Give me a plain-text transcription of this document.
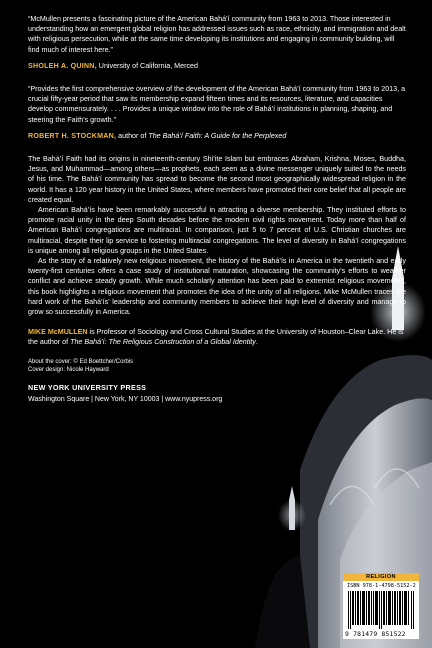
“McMullen presents a fascinating picture of the American Bahá’í community from 1963 to 2013. Those interested in understanding how an emergent global religion has addressed issues such as race, ethnicity, and immigration and dealt with religious persecution, while at the same time developing its institutions and engaging in community building, will find much of interest here.”

SHOLEH A. QUINN, University of California, Merced

“Provides the first comprehensive overview of the development of the American Bahá’í community from 1963 to 2013, a crucial fifty-year period that saw its membership expand fifteen times and its resources, literature, and capacities develop commensurately. . . . Provides a unique window into the role of Bahá’í institutions in planning, shaping, and steering the Faith’s growth.”

ROBERT H. STOCKMAN, author of The Bahá’í Faith: A Guide for the Perplexed

The Bahá’í Faith had its origins in nineteenth-century Shi’ite Islam but embraces Abraham, Krishna, Moses, Buddha, Jesus, and Muhammad—among others—as prophets, each seen as a divine messenger uniquely suited to the needs of his time. The Bahá’í community has spread to become the second most geographically widespread religion in the world. It has a 120 year history in the United States, where members have promoted their core belief that all people are created equal.

American Bahá’ís have been remarkably successful in attracting a diverse membership. They instituted efforts to promote racial unity in the deep South decades before the modern civil rights movement. Today more than half of American Bahá’í congregations are multiracial. In comparison, just 5 to 7 percent of U.S. Christian churches are multiracial, despite their lip service to fostering multiracial congregations. The level of diversity in Bahá’í congregations is unique among all religious groups in the United States.

As the story of a relatively new religious movement, the history of the Bahá’ís in America in the twentieth and early twenty-first centuries offers a case study of institutional maturation, showcasing the community’s efforts to weather conflict and achieve steady growth. While much scholarly attention has been paid to extremist religious movements, this book highlights a religious movement that promotes the idea of the unity of all religions. Mike McMullen traces the hard work of the Bahá’ís’ leadership and community members to achieve their high level of diversity and manage to grow so successfully in America.

MIKE McMULLEN is Professor of Sociology and Cross Cultural Studies at the University of Houston–Clear Lake. He is the author of The Bahá’í: The Religious Construction of a Global Identity.

About the cover: © Ed Boettcher/Corbis
Cover design: Nicole Hayward
NEW YORK UNIVERSITY PRESS
Washington Square | New York, NY 10003 | www.nyupress.org
RELIGION
ISBN 978-1-4798-5152-2
9 781479 851522
